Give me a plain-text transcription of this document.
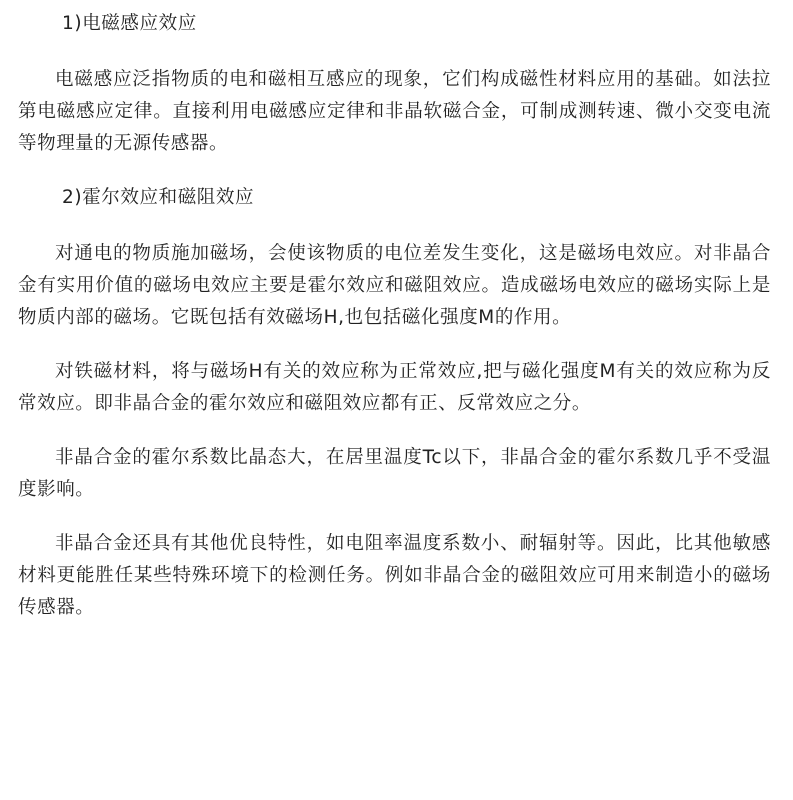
1)电磁感应效应

电磁感应泛指物质的电和磁相互感应的现象，它们构成磁性材料应用的基础。如法拉第电磁感应定律。直接利用电磁感应定律和非晶软磁合金，可制成测转速、微小交变电流等物理量的无源传感器。

2)霍尔效应和磁阻效应

对通电的物质施加磁场，会使该物质的电位差发生变化，这是磁场电效应。对非晶合金有实用价值的磁场电效应主要是霍尔效应和磁阻效应。造成磁场电效应的磁场实际上是物质内部的磁场。它既包括有效磁场H,也包括磁化强度M的作用。

对铁磁材料，将与磁场H有关的效应称为正常效应,把与磁化强度M有关的效应称为反常效应。即非晶合金的霍尔效应和磁阻效应都有正、反常效应之分。

非晶合金的霍尔系数比晶态大，在居里温度Tc以下，非晶合金的霍尔系数几乎不受温度影响。

非晶合金还具有其他优良特性，如电阻率温度系数小、耐辐射等。因此，比其他敏感材料更能胜任某些特殊环境下的检测任务。例如非晶合金的磁阻效应可用来制造小的磁场传感器。
